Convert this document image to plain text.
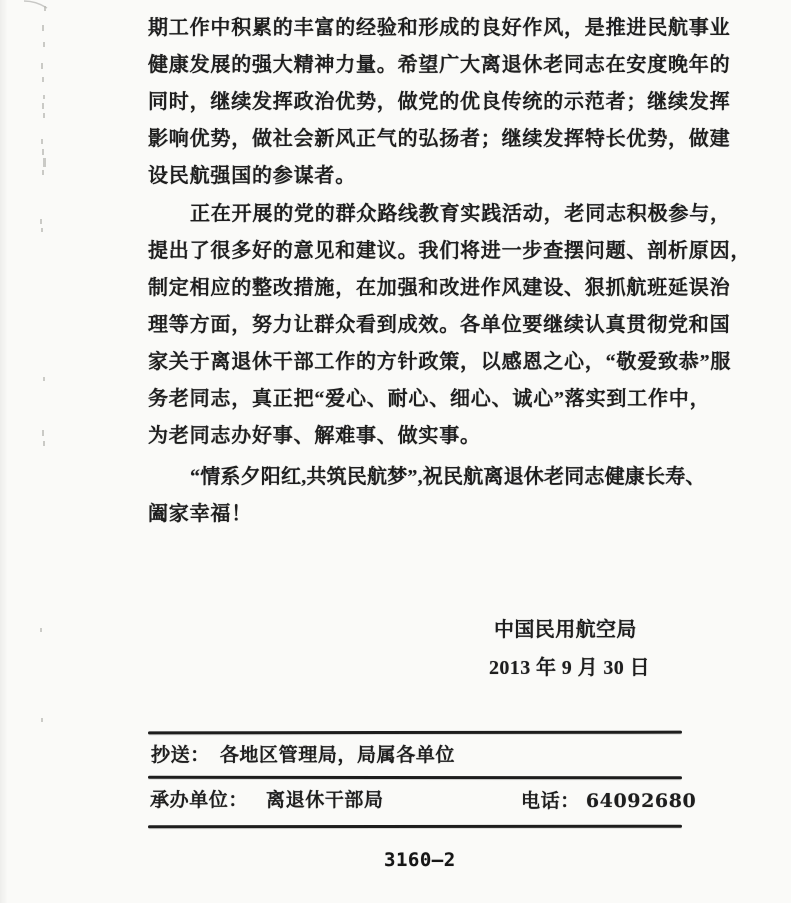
期工作中积累的丰富的经验和形成的良好作风，是推进民航事业
健康发展的强大精神力量。希望广大离退休老同志在安度晚年的
同时，继续发挥政治优势，做党的优良传统的示范者；继续发挥
影响优势，做社会新风正气的弘扬者；继续发挥特长优势，做建
设民航强国的参谋者。
正在开展的党的群众路线教育实践活动，老同志积极参与，
提出了很多好的意见和建议。我们将进一步查摆问题、剖析原因，
制定相应的整改措施，在加强和改进作风建设、狠抓航班延误治
理等方面，努力让群众看到成效。各单位要继续认真贯彻党和国
家关于离退休干部工作的方针政策，以感恩之心，“敬爱致恭”服
务老同志，真正把“爱心、耐心、细心、诚心”落实到工作中，
为老同志办好事、解难事、做实事。
“情系夕阳红,共筑民航梦”,祝民航离退休老同志健康长寿、
阖家幸福！
中国民用航空局
2013 年 9 月 30 日
抄送： 各地区管理局，局属各单位
承办单位： 离退休干部局	电话： 64092680
3160—2
